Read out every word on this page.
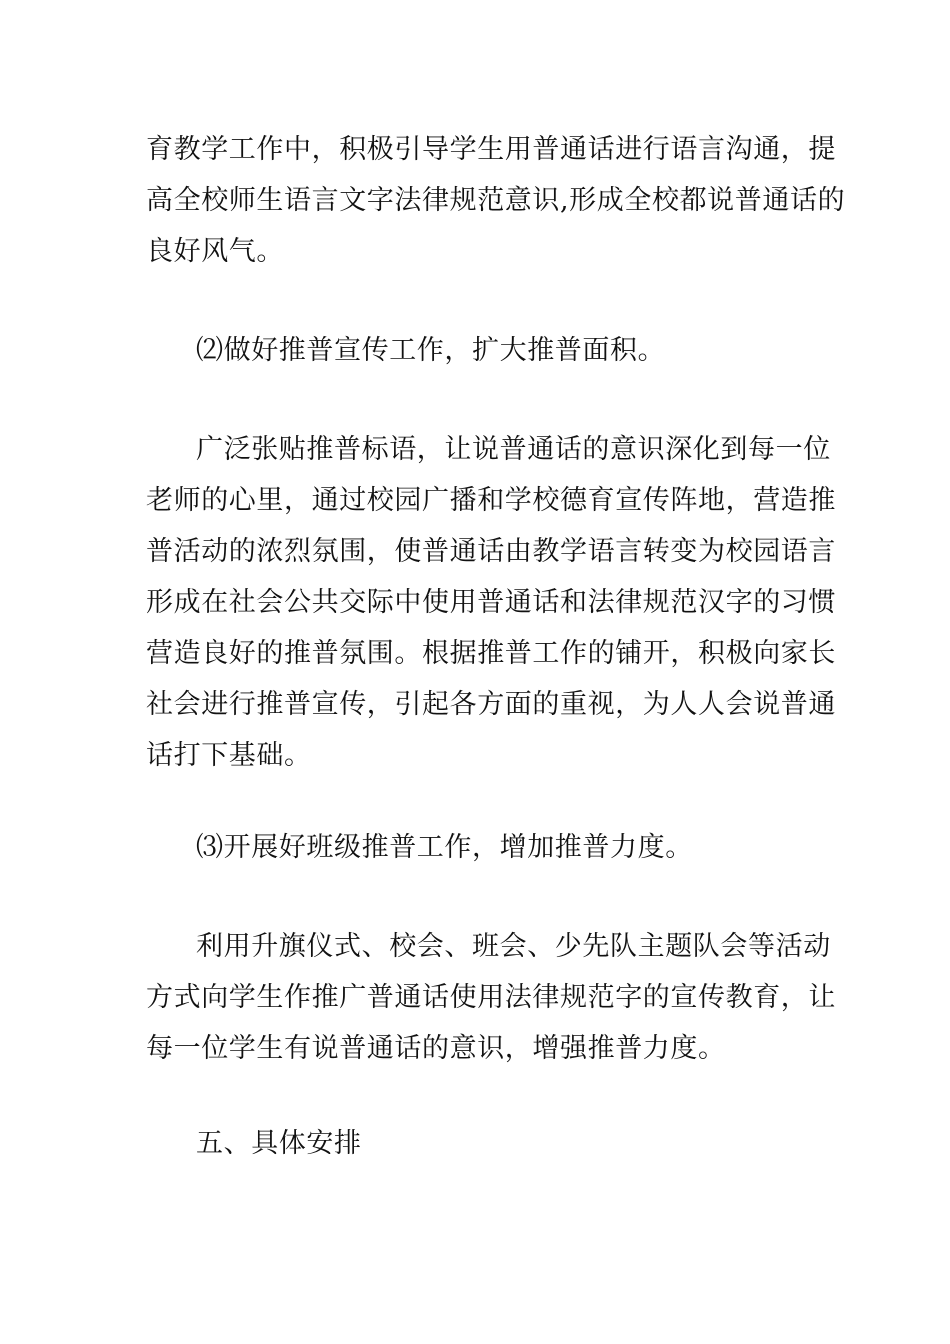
育教学工作中，积极引导学生用普通话进行语言沟通，提
高全校师生语言文字法律规范意识,形成全校都说普通话的
良好风气。

⑵做好推普宣传工作，扩大推普面积。

广泛张贴推普标语，让说普通话的意识深化到每一位
老师的心里，通过校园广播和学校德育宣传阵地，营造推
普活动的浓烈氛围，使普通话由教学语言转变为校园语言
形成在社会公共交际中使用普通话和法律规范汉字的习惯
营造良好的推普氛围。根据推普工作的铺开，积极向家长
社会进行推普宣传，引起各方面的重视，为人人会说普通
话打下基础。

⑶开展好班级推普工作，增加推普力度。

利用升旗仪式、校会、班会、少先队主题队会等活动
方式向学生作推广普通话使用法律规范字的宣传教育，让
每一位学生有说普通话的意识，增强推普力度。

五、具体安排
